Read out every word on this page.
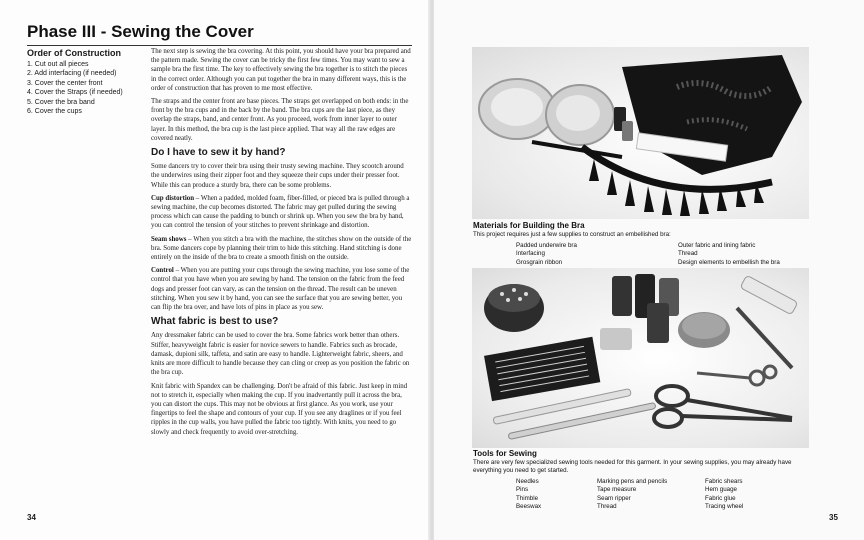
Phase III - Sewing the Cover
Order of Construction
1. Cut out all pieces
2. Add interfacing (if needed)
3. Cover the center front
4. Cover the Straps (if needed)
5. Cover the bra band
6. Cover the cups

The next step is sewing the bra covering. At this point, you should have your bra prepared and the pattern made. Sewing the cover can be tricky the first few times. You may want to sew a sample bra the first time. The key to effectively sewing the bra together is to stitch the pieces in the correct order. Although you can put together the bra in many different ways, this is the order of construction that has proven to me most effective.

The straps and the center front are base pieces. The straps get overlapped on both ends: in the front by the bra cups and in the back by the band. The bra cups are the last piece, as they overlap the straps, band, and center front. As you proceed, work from inner layer to outer layer. In this method, the bra cup is the last piece applied. That way all the raw edges are covered neatly.

Do I have to sew it by hand?

Some dancers try to cover their bra using their trusty sewing machine. They scootch around the underwires using their zipper foot and they squeeze their cups under their presser foot. While this can produce a sturdy bra, there can be some problems.

Cup distortion – When a padded, molded foam, fiber-filled, or pieced bra is pulled through a sewing machine, the cup becomes distorted. The fabric may get pulled during the sewing process which can cause the padding to bunch or shrink up. When you sew the bra by hand, you can control the tension of your stitches to prevent shrinkage and distortion.

Seam shows – When you stitch a bra with the machine, the stitches show on the outside of the bra. Some dancers cope by planning their trim to hide this stitching. Hand stitching is done entirely on the inside of the bra to create a smooth finish on the outside.

Control – When you are putting your cups through the sewing machine, you lose some of the control that you have when you are sewing by hand. The tension on the fabric from the feed dogs and presser foot can vary, as can the tension on the thread. The result can be uneven stitching. When you sew it by hand, you can see the surface that you are sewing better, you can flip the bra over, and have lots of pins in place as you sew.

What fabric is best to use?

Any dressmaker fabric can be used to cover the bra. Some fabrics work better than others. Stiffer, heavyweight fabric is easier for novice sewers to handle. Fabrics such as brocade, damask, dupioni silk, taffeta, and satin are easy to handle. Lighterweight fabric, sheers, and knits are more difficult to handle because they can cling or creep as you position the fabric on the bra cup.

Knit fabric with Spandex can be challenging. Don't be afraid of this fabric. Just keep in mind not to stretch it, especially when making the cup. If you inadvertantly pull it across the bra, you can distort the cups. This may not be obvious at first glance. As you work, use your fingertips to feel the shape and contours of your cup. If you see any draglines or if you feel ripples in the cup walls, you have pulled the fabric too tightly. With knits, you need to go slowly and check frequently to avoid over-stretching.

34	35
Materials for Building the Bra
This project requires just a few supplies to construct an embellished bra:
Padded underwire bra
Interfacing
Grosgrain ribbon
Outer fabric and lining fabric
Thread
Design elements to embellish the bra
Tools for Sewing
There are very few specialized sewing tools needed for this garment. In your sewing supplies, you may already have everything you need to get started.
Needles
Pins
Thimble
Beeswax
Marking pens and pencils
Tape measure
Seam ripper
Thread
Fabric shears
Hem guage
Fabric glue
Tracing wheel
